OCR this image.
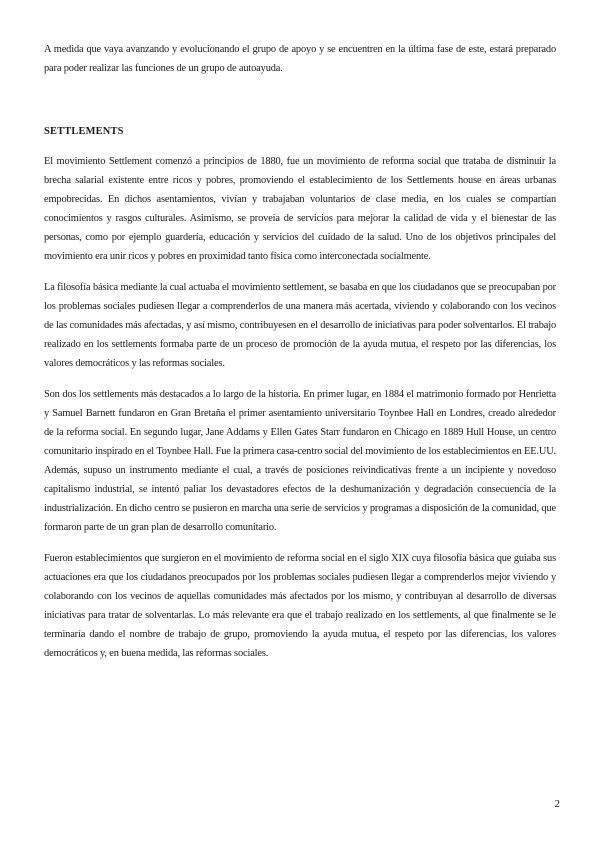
A medida que vaya avanzando y evolucionando el grupo de apoyo y se encuentren en la última fase de este, estará preparado para poder realizar las funciones de un grupo de autoayuda.

SETTLEMENTS

El movimiento Settlement comenzó a principios de 1880, fue un movimiento de reforma social que trataba de disminuir la brecha salarial existente entre ricos y pobres, promoviendo el establecimiento de los Settlements house en áreas urbanas empobrecidas. En dichos asentamientos, vivían y trabajaban voluntarios de clase media, en los cuales se compartían conocimientos y rasgos culturales. Asimismo, se proveía de servicios para mejorar la calidad de vida y el bienestar de las personas, como por ejemplo guardería, educación y servicios del cuidado de la salud. Uno de los objetivos principales del movimiento era unir ricos y pobres en proximidad tanto física como interconectada socialmente.

La filosofía básica mediante la cual actuaba el movimiento settlement, se basaba en que los ciudadanos que se preocupaban por los problemas sociales pudiesen llegar a comprenderlos de una manera más acertada, viviendo y colaborando con los vecinos de las comunidades más afectadas, y así mismo, contribuyesen en el desarrollo de iniciativas para poder solventarlos. El trabajo realizado en los settlements formaba parte de un proceso de promoción de la ayuda mutua, el respeto por las diferencias, los valores democráticos y las reformas sociales.

Son dos los settlements más destacados a lo largo de la historia. En primer lugar, en 1884 el matrimonio formado por Henrietta y Samuel Barnett fundaron en Gran Bretaña el primer asentamiento universitario Toynbee Hall en Londres, creado alrededor de la reforma social. En segundo lugar, Jane Addams y Ellen Gates Starr fundaron en Chicago en 1889 Hull House, un centro comunitario inspirado en el Toynbee Hall. Fue la primera casa-centro social del movimiento de los establecimientos en EE.UU. Además, supuso un instrumento mediante el cual, a través de posiciones reivindicativas frente a un incipiente y novedoso capitalismo industrial, se intentó paliar los devastadores efectos de la deshumanización y degradación consecuencia de la industrialización. En dicho centro se pusieron en marcha una serie de servicios y programas a disposición de la comunidad, que formaron parte de un gran plan de desarrollo comunitario.

Fueron establecimientos que surgieron en el movimiento de reforma social en el siglo XIX cuya filosofía básica que guiaba sus actuaciones era que los ciudadanos preocupados por los problemas sociales pudiesen llegar a comprenderlos mejor viviendo y colaborando con los vecinos de aquellas comunidades más afectados por los mismo, y contribuyan al desarrollo de diversas iniciativas para tratar de solventarlas. Lo más relevante era que el trabajo realizado en los settlements, al que finalmente se le terminaría dando el nombre de trabajo de grupo, promoviendo la ayuda mutua, el respeto por las diferencias, los valores democráticos y, en buena medida, las reformas sociales.

2
